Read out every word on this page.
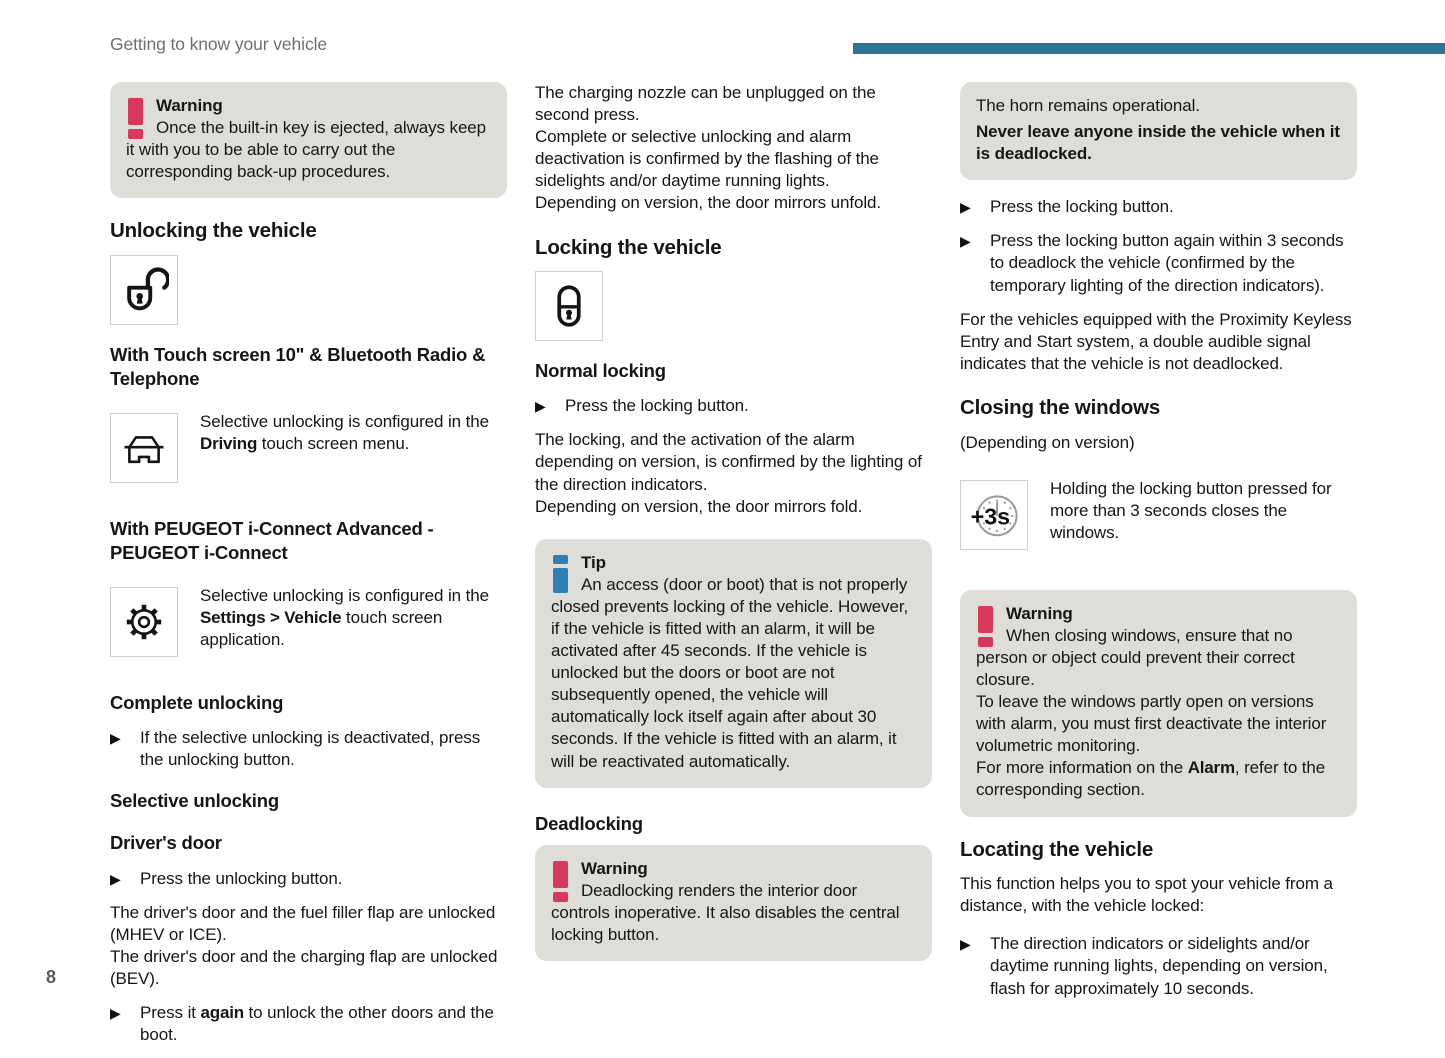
Getting to know your vehicle
Warning
Once the built-in key is ejected, always keep it with you to be able to carry out the corresponding back-up procedures.
Unlocking the vehicle
With Touch screen 10" & Bluetooth Radio & Telephone
Selective unlocking is configured in the Driving touch screen menu.
With PEUGEOT i-Connect Advanced - PEUGEOT i-Connect
Selective unlocking is configured in the Settings > Vehicle touch screen application.
Complete unlocking
▶ If the selective unlocking is deactivated, press the unlocking button.
Selective unlocking
Driver's door
▶ Press the unlocking button.
The driver's door and the fuel filler flap are unlocked (MHEV or ICE).
The driver's door and the charging flap are unlocked (BEV).
▶ Press it again to unlock the other doors and the boot.
The charging nozzle can be unplugged on the second press.
Complete or selective unlocking and alarm deactivation is confirmed by the flashing of the sidelights and/or daytime running lights.
Depending on version, the door mirrors unfold.
Locking the vehicle
Normal locking
▶ Press the locking button.
The locking, and the activation of the alarm depending on version, is confirmed by the lighting of the direction indicators.
Depending on version, the door mirrors fold.
Tip
An access (door or boot) that is not properly closed prevents locking of the vehicle. However, if the vehicle is fitted with an alarm, it will be activated after 45 seconds. If the vehicle is unlocked but the doors or boot are not subsequently opened, the vehicle will automatically lock itself again after about 30 seconds. If the vehicle is fitted with an alarm, it will be reactivated automatically.
Deadlocking
Warning
Deadlocking renders the interior door controls inoperative. It also disables the central locking button.
The horn remains operational.
Never leave anyone inside the vehicle when it is deadlocked.
▶ Press the locking button.
▶ Press the locking button again within 3 seconds to deadlock the vehicle (confirmed by the temporary lighting of the direction indicators).
For the vehicles equipped with the Proximity Keyless Entry and Start system, a double audible signal indicates that the vehicle is not deadlocked.
Closing the windows
(Depending on version)
+3s
Holding the locking button pressed for more than 3 seconds closes the windows.
Warning
When closing windows, ensure that no person or object could prevent their correct closure.
To leave the windows partly open on versions with alarm, you must first deactivate the interior volumetric monitoring.
For more information on the Alarm, refer to the corresponding section.
Locating the vehicle
This function helps you to spot your vehicle from a distance, with the vehicle locked:
▶ The direction indicators or sidelights and/or daytime running lights, depending on version, flash for approximately 10 seconds.
8
